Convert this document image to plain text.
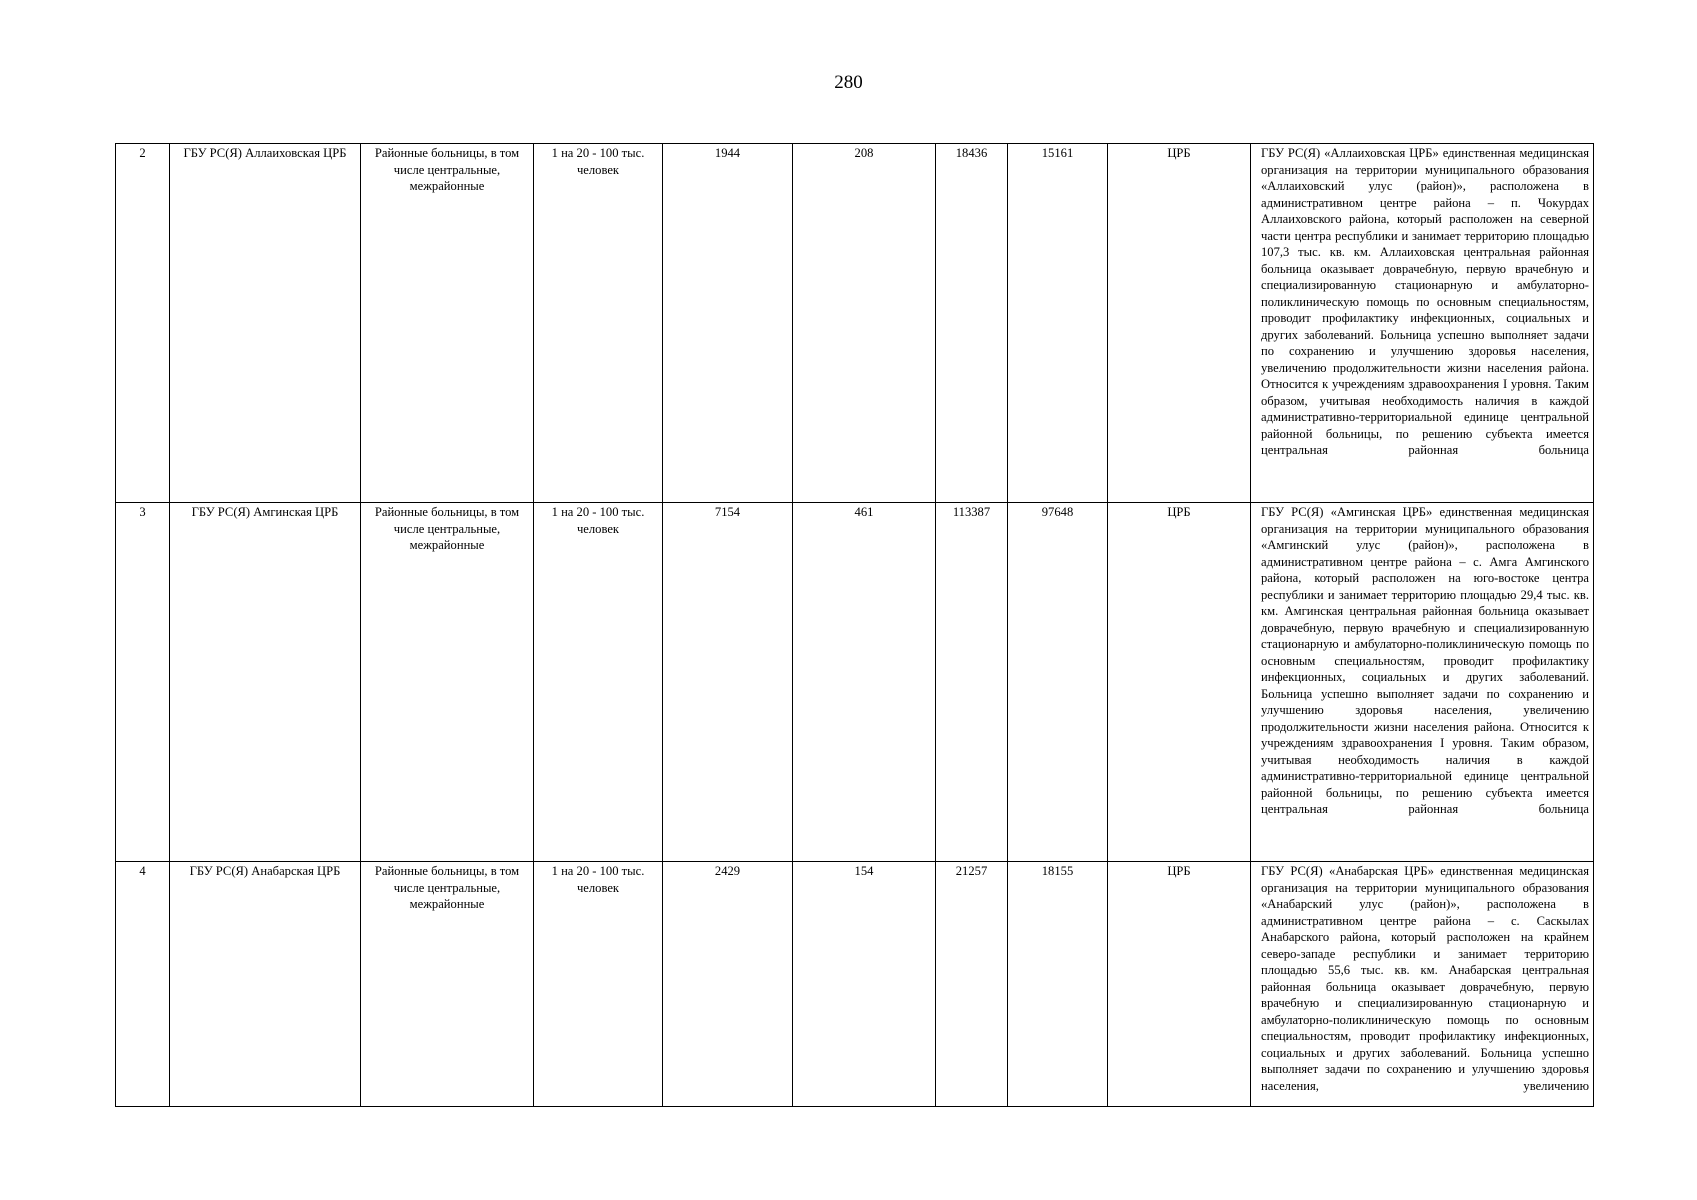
280
2	ГБУ РС(Я) Аллаиховская ЦРБ	Районные больницы, в том числе центральные, межрайонные	1 на 20 - 100 тыс. человек	1944	208	18436	15161	ЦРБ	ГБУ РС(Я) «Аллаиховская ЦРБ» единственная медицинская организация на территории муниципального образования «Аллаиховский улус (район)», расположена в административном центре района – п. Чокурдах Аллаиховского района, который расположен на северной части центра республики и занимает территорию площадью 107,3 тыс. кв. км. Аллаиховская центральная районная больница оказывает доврачебную, первую врачебную и специализированную стационарную и амбулаторно-поликлиническую помощь по основным специальностям, проводит профилактику инфекционных, социальных и других заболеваний. Больница успешно выполняет задачи по сохранению и улучшению здоровья населения, увеличению продолжительности жизни населения района. Относится к учреждениям здравоохранения I уровня. Таким образом, учитывая необходимость наличия в каждой административно-территориальной единице центральной районной больницы, по решению субъекта имеется центральная районная больница

3	ГБУ РС(Я) Амгинская ЦРБ	Районные больницы, в том числе центральные, межрайонные	1 на 20 - 100 тыс. человек	7154	461	113387	97648	ЦРБ	ГБУ РС(Я) «Амгинская ЦРБ» единственная медицинская организация на территории муниципального образования «Амгинский улус (район)», расположена в административном центре района – с. Амга Амгинского района, который расположен на юго-востоке центра республики и занимает территорию площадью 29,4 тыс. кв. км. Амгинская центральная районная больница оказывает доврачебную, первую врачебную и специализированную стационарную и амбулаторно-поликлиническую помощь по основным специальностям, проводит профилактику инфекционных, социальных и других заболеваний. Больница успешно выполняет задачи по сохранению и улучшению здоровья населения, увеличению продолжительности жизни населения района. Относится к учреждениям здравоохранения I уровня. Таким образом, учитывая необходимость наличия в каждой административно-территориальной единице центральной районной больницы, по решению субъекта имеется центральная районная больница

4	ГБУ РС(Я) Анабарская ЦРБ	Районные больницы, в том числе центральные, межрайонные	1 на 20 - 100 тыс. человек	2429	154	21257	18155	ЦРБ	ГБУ РС(Я) «Анабарская ЦРБ» единственная медицинская организация на территории муниципального образования «Анабарский улус (район)», расположена в административном центре района – с. Саскылах Анабарского района, который расположен на крайнем северо-западе республики и занимает территорию площадью 55,6 тыс. кв. км. Анабарская центральная районная больница оказывает доврачебную, первую врачебную и специализированную стационарную и амбулаторно-поликлиническую помощь по основным специальностям, проводит профилактику инфекционных, социальных и других заболеваний. Больница успешно выполняет задачи по сохранению и улучшению здоровья населения, увеличению
